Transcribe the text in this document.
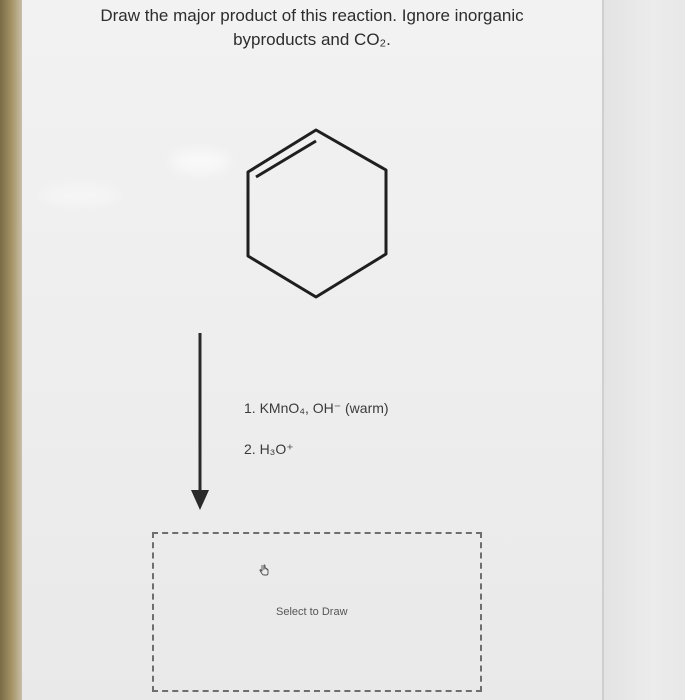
Draw the major product of this reaction. Ignore inorganic
byproducts and CO₂.
1. KMnO₄, OH⁻ (warm)
2. H₃O⁺
Select to Draw
